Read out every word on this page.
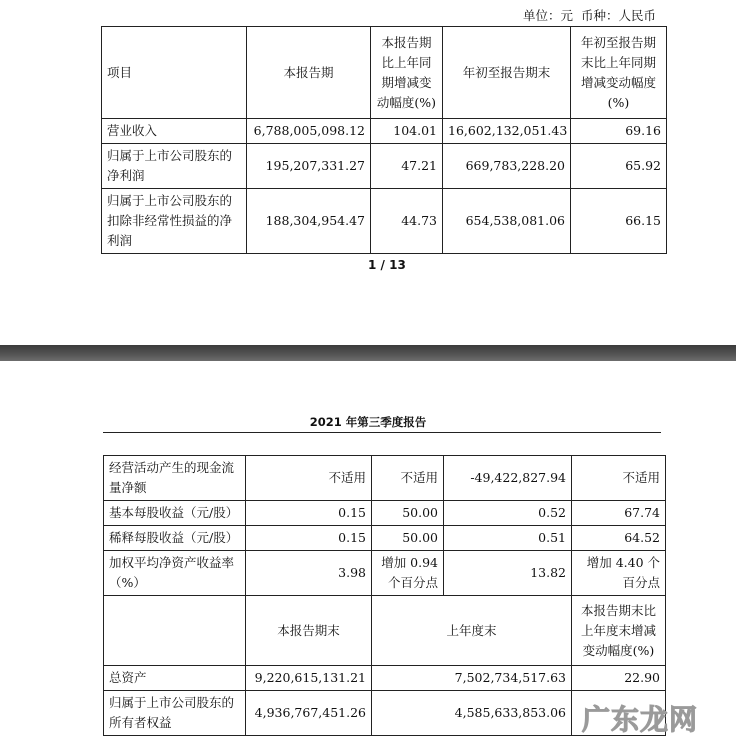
单位：元 币种：人民币
项目	本报告期	本报告期比上年同期增减变动幅度(%)	年初至报告期末	年初至报告期末比上年同期增减变动幅度(%)
营业收入	6,788,005,098.12	104.01	16,602,132,051.43	69.16
归属于上市公司股东的净利润	195,207,331.27	47.21	669,783,228.20	65.92
归属于上市公司股东的扣除非经常性损益的净利润	188,304,954.47	44.73	654,538,081.06	66.15
1 / 13
2021 年第三季度报告
经营活动产生的现金流量净额	不适用	不适用	-49,422,827.94	不适用
基本每股收益（元/股）	0.15	50.00	0.52	67.74
稀释每股收益（元/股）	0.15	50.00	0.51	64.52
加权平均净资产收益率（%）	3.98	增加 0.94 个百分点	13.82	增加 4.40 个百分点
	本报告期末	上年度末		本报告期末比上年度末增减变动幅度(%)
总资产	9,220,615,131.21	7,502,734,517.63		22.90
归属于上市公司股东的所有者权益	4,936,767,451.26	4,585,633,853.06		广东龙网
